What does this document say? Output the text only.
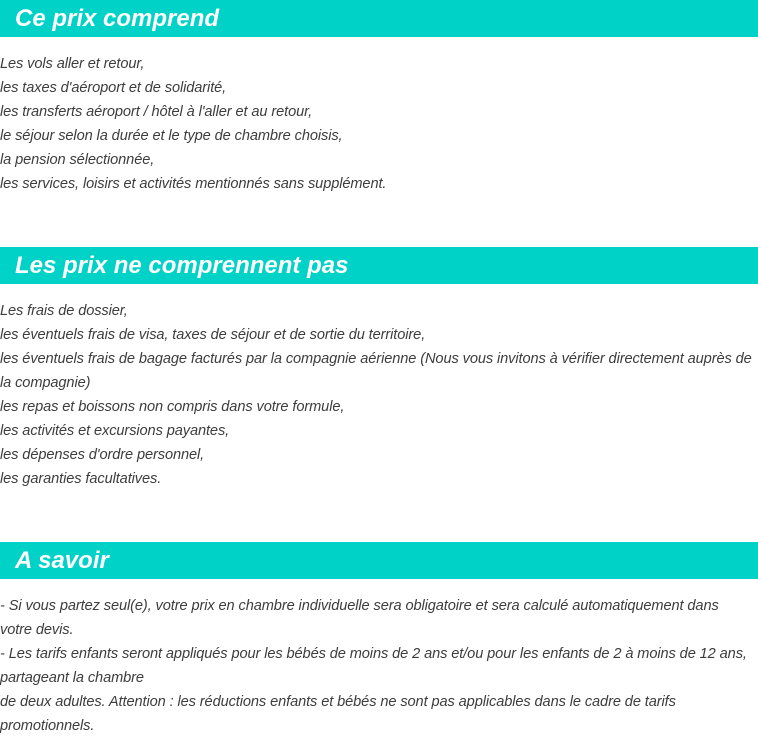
Ce prix comprend
Les vols aller et retour,
les taxes d'aéroport et de solidarité,
les transferts aéroport / hôtel à l'aller et au retour,
le séjour selon la durée et le type de chambre choisis,
la pension sélectionnée,
les services, loisirs et activités mentionnés sans supplément.
Les prix ne comprennent pas
Les frais de dossier,
les éventuels frais de visa, taxes de séjour et de sortie du territoire,
les éventuels frais de bagage facturés par la compagnie aérienne (Nous vous invitons à vérifier directement auprès de la compagnie)
les repas et boissons non compris dans votre formule,
les activités et excursions payantes,
les dépenses d'ordre personnel,
les garanties facultatives.
A savoir
- Si vous partez seul(e), votre prix en chambre individuelle sera obligatoire et sera calculé automatiquement dans votre devis.
- Les tarifs enfants seront appliqués pour les bébés de moins de 2 ans et/ou pour les enfants de 2 à moins de 12 ans, partageant la chambre
de deux adultes. Attention : les réductions enfants et bébés ne sont pas applicables dans le cadre de tarifs promotionnels.
